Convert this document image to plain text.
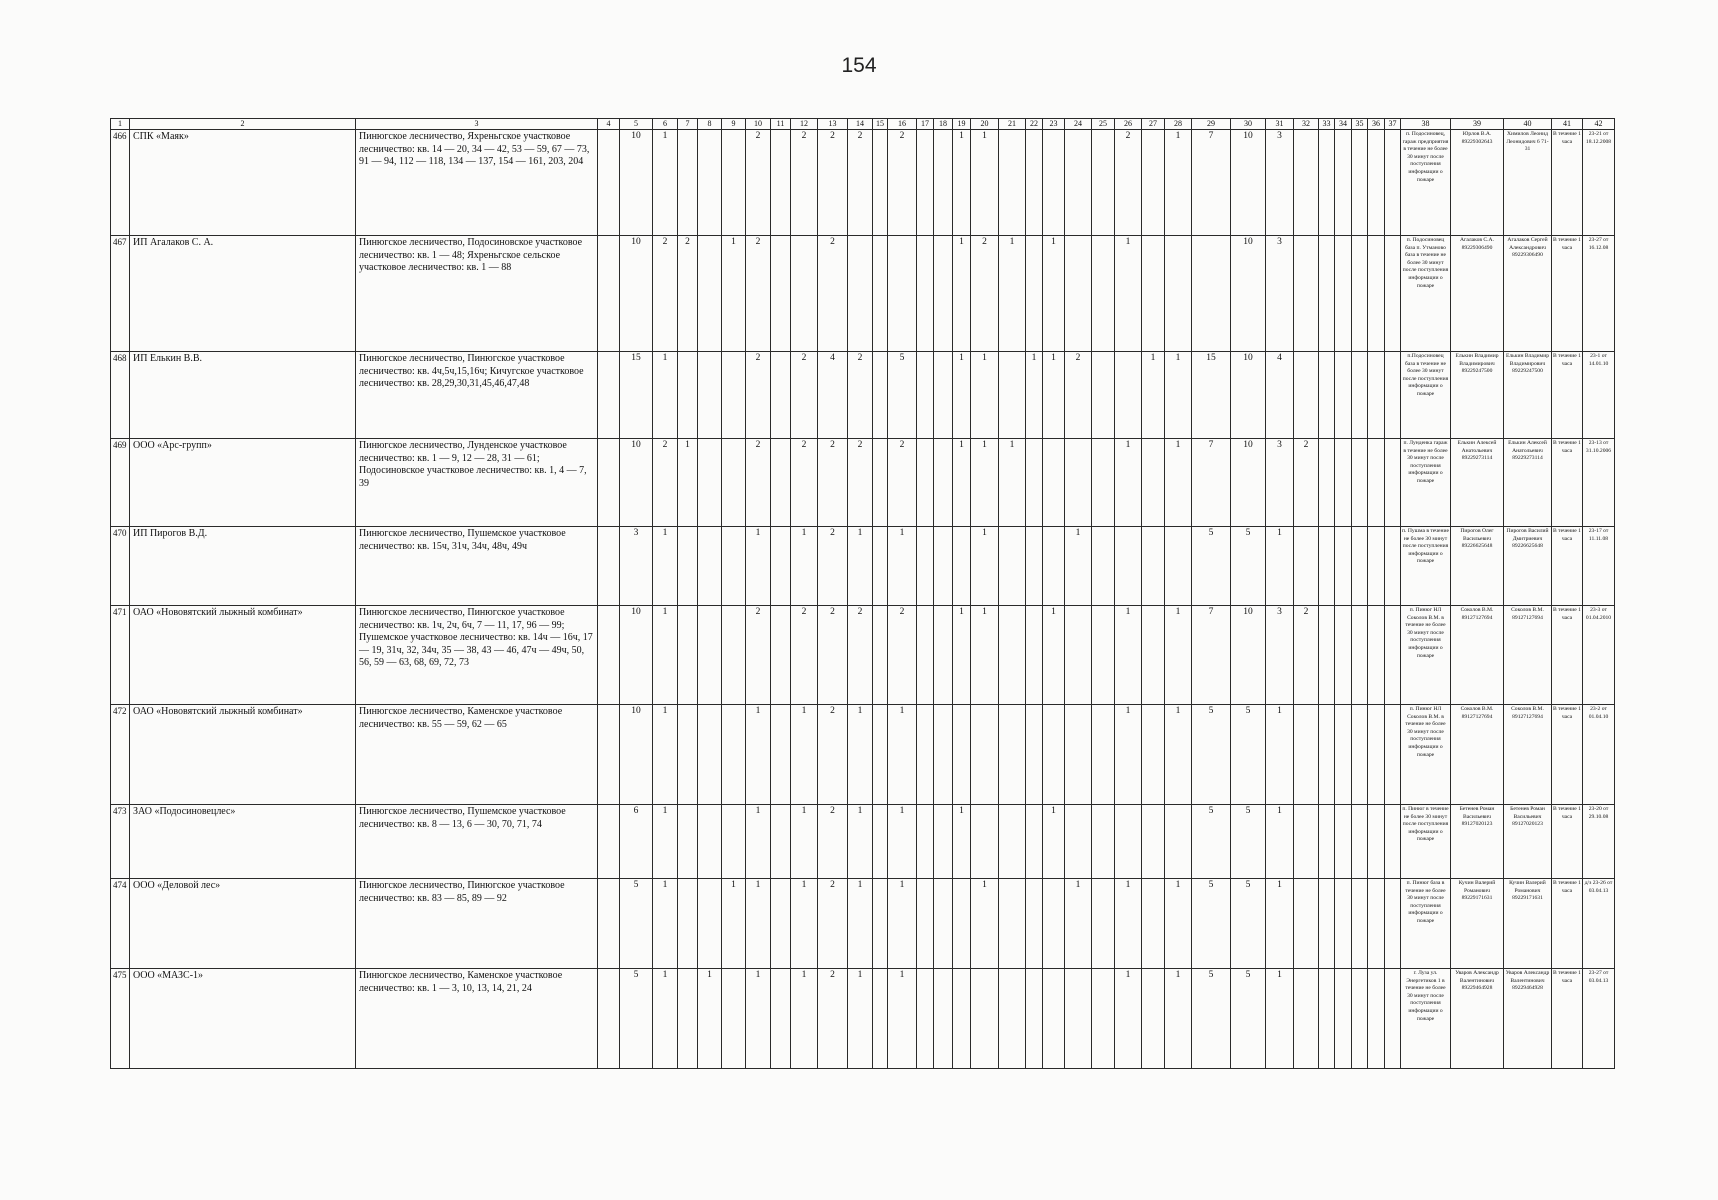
154
1	2	3	4	5	6	7	8	9	10	11	12	13	14	15	16	17	18	19	20	21	22	23	24	25	26	27	28	29	30	31	32	33	34	35	36	37	38	39	40	41	42
466	СПК «Маяк»	Пинюгское лесничество, Яхреньгское участковое лесничество: кв. 14 — 20, 34 — 42, 53 — 59, 67 — 73, 91 — 94, 112 — 118, 134 — 137, 154 — 161, 203, 204		10	1				2		2	2	2		2			1	1						2		1	7	10	3							п. Подосиновец, гараж предприятия в течение не более 30 минут после поступления информации о пожаре	Юрлов В.А. 89229302643	Химилов Леонид Леонидович 6 71-31	В течение 1 часа	23-21 от 18.12.2008
467	ИП Агалаков С. А.	Пинюгское лесничество, Подосиновское участковое лесничество: кв. 1 — 48; Яхреньгское сельское участковое лесничество: кв. 1 — 88		10	2	2		1	2			2						1	2	1		1			1				10	3							п. Подосиновец база п. Утманово база в течение не более 30 минут после поступления информации о пожаре	Агалаков С.А. 89229306490	Агалаков Сергей Александрович 89229306490	В течение 1 часа	23-27 от 16.12.08
468	ИП Елькин В.В.	Пинюгское лесничество, Пинюгское участковое лесничество: кв. 4ч,5ч,15,16ч; Кичугское участковое лесничество: кв. 28,29,30,31,45,46,47,48		15	1				2		2	4	2		5			1	1		1	1	2			1	1	15	10	4							п.Подосиновец база в течение не более 30 минут после поступления информации о пожаре	Елькин Владимир Владимирович 89229247500	Елькин Владимир Владимирович 89229247500	В течение 1 часа	23-1 от 14.01.10
469	ООО «Арс-групп»	Пинюгское лесничество, Лунденское участковое лесничество: кв. 1 — 9, 12 — 28, 31 — 61; Подосиновское участковое лесничество: кв. 1, 4 — 7, 39		10	2	1			2		2	2	2		2			1	1	1					1		1	7	10	3	2						п. Лунденка гараж в течение не более 30 минут после поступления информации о пожаре	Елькин Алексей Анатольевич 89229273114	Елькин Алексей Анатольевич 89229273114	В течение 1 часа	23-13 от 31.10.2006
470	ИП Пирогов В.Д.	Пинюгское лесничество, Пушемское участковое лесничество: кв. 15ч, 31ч, 34ч, 48ч, 49ч		3	1				1		1	2	1		1				1				1					5	5	1							п. Пушма в течение не более 30 минут после поступления информации о пожаре	Пирогов Олег Васильевич 89226625648	Пирогов Василий Дмитриевич 89226625648	В течение 1 часа	23-17 от 11.11.08
471	ОАО «Нововятский лыжный комбинат»	Пинюгское лесничество, Пинюгское участковое лесничество: кв. 1ч, 2ч, 6ч, 7 — 11, 17, 96 — 99; Пушемское участковое лесничество: кв. 14ч — 16ч, 17 — 19, 31ч, 32, 34ч, 35 — 38, 43 — 46, 47ч — 49ч, 50, 56, 59 — 63, 68, 69, 72, 73		10	1				2		2	2	2		2			1	1			1			1		1	7	10	3	2						п. Пинюг НЛ Соколов В.М. в течение не более 30 минут после поступления информации о пожаре	Соколов В.М. 89127127694	Соколов В.М. 89127127694	В течение 1 часа	23-3 от 01.04.2010
472	ОАО «Нововятский лыжный комбинат»	Пинюгское лесничество, Каменское участковое лесничество: кв. 55 — 59, 62 — 65		10	1				1		1	2	1		1										1		1	5	5	1							п. Пинюг НЛ Соколов В.М. в течение не более 30 минут после поступления информации о пожаре	Соколов В.М. 89127127694	Соколов В.М. 89127127694	В течение 1 часа	23-2 от 01.04.10
473	ЗАО «Подосиновецлес»	Пинюгское лесничество, Пушемское участковое лесничество: кв. 8 — 13, 6 — 30, 70, 71, 74		6	1				1		1	2	1		1			1				1						5	5	1							п. Пинюг в течение не более 30 минут после поступления информации о пожаре	Бетенев Роман Васильевич 89127020123	Бетенев Роман Васильевич 89127020123	В течение 1 часа	23-20 от 29.10.08
474	ООО «Деловой лес»	Пинюгское лесничество, Пинюгское участковое лесничество: кв. 83 — 85, 89 — 92		5	1			1	1		1	2	1		1				1				1		1		1	5	5	1							п. Пинюг база в течение не более 30 минут после поступления информации о пожаре	Кучин Валерий Романович 89229171631	Кучин Валерий Романович 89229171631	В течение 1 часа	д/з 23-26 от 03.04.13
475	ООО «МАЗС-1»	Пинюгское лесничество, Каменское участковое лесничество: кв. 1 — 3, 10, 13, 14, 21, 24		5	1		1		1		1	2	1		1										1		1	5	5	1							г. Луза ул. Энергетиков 1 в течение не более 30 минут после поступления информации о пожаре	Уваров Александр Валентинович 89229464928	Уваров Александр Валентинович 89229464928	В течение 1 часа	23-27 от 03.04.13
